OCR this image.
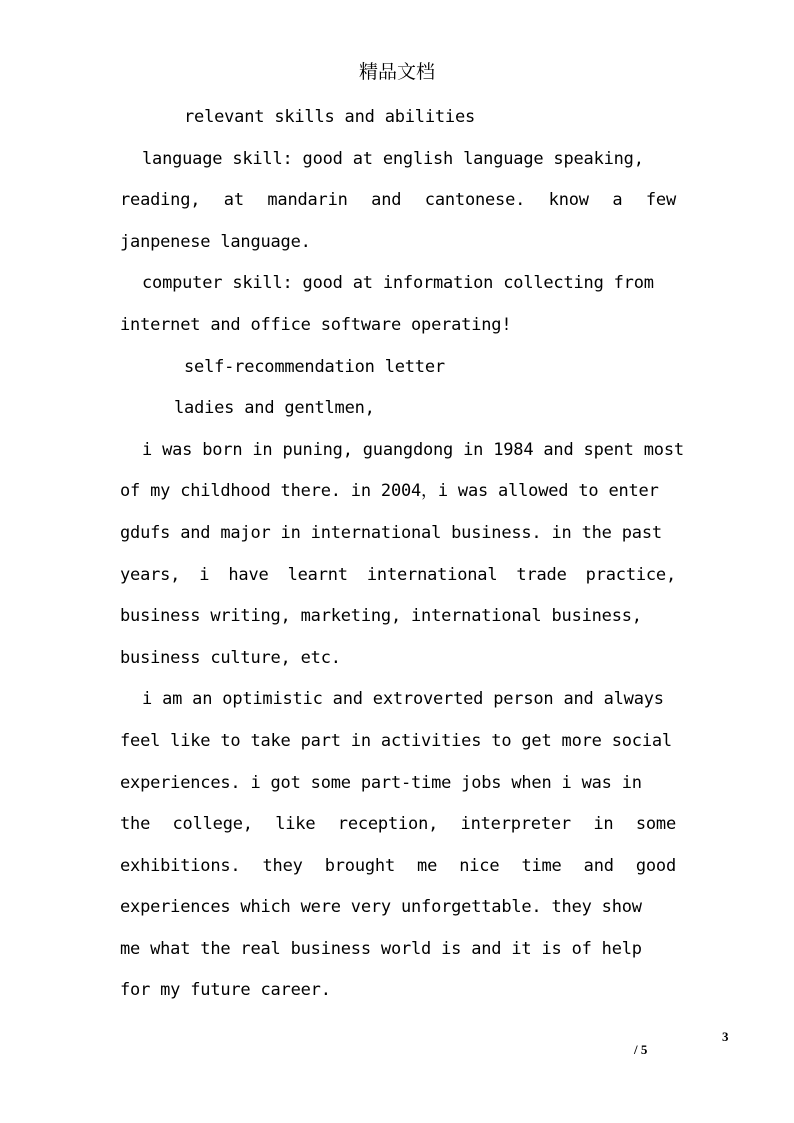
精品文档
relevant skills and abilities
language skill: good at english language speaking,
reading, at mandarin and cantonese. know a few
janpenese language.
computer skill: good at information collecting from
internet and office software operating!
self-recommendation letter
ladies and gentlmen,
i was born in puning, guangdong in 1984 and spent most
of my childhood there. in 2004，i was allowed to enter
gdufs and major in international business. in the past
years, i have learnt international trade practice,
business writing, marketing, international business,
business culture, etc.
i am an optimistic and extroverted person and always
feel like to take part in activities to get more social
experiences. i got some part-time jobs when i was in
the college, like reception, interpreter in some
exhibitions. they brought me nice time and good
experiences which were very unforgettable. they show
me what the real business world is and it is of help
for my future career.
3
/ 5
